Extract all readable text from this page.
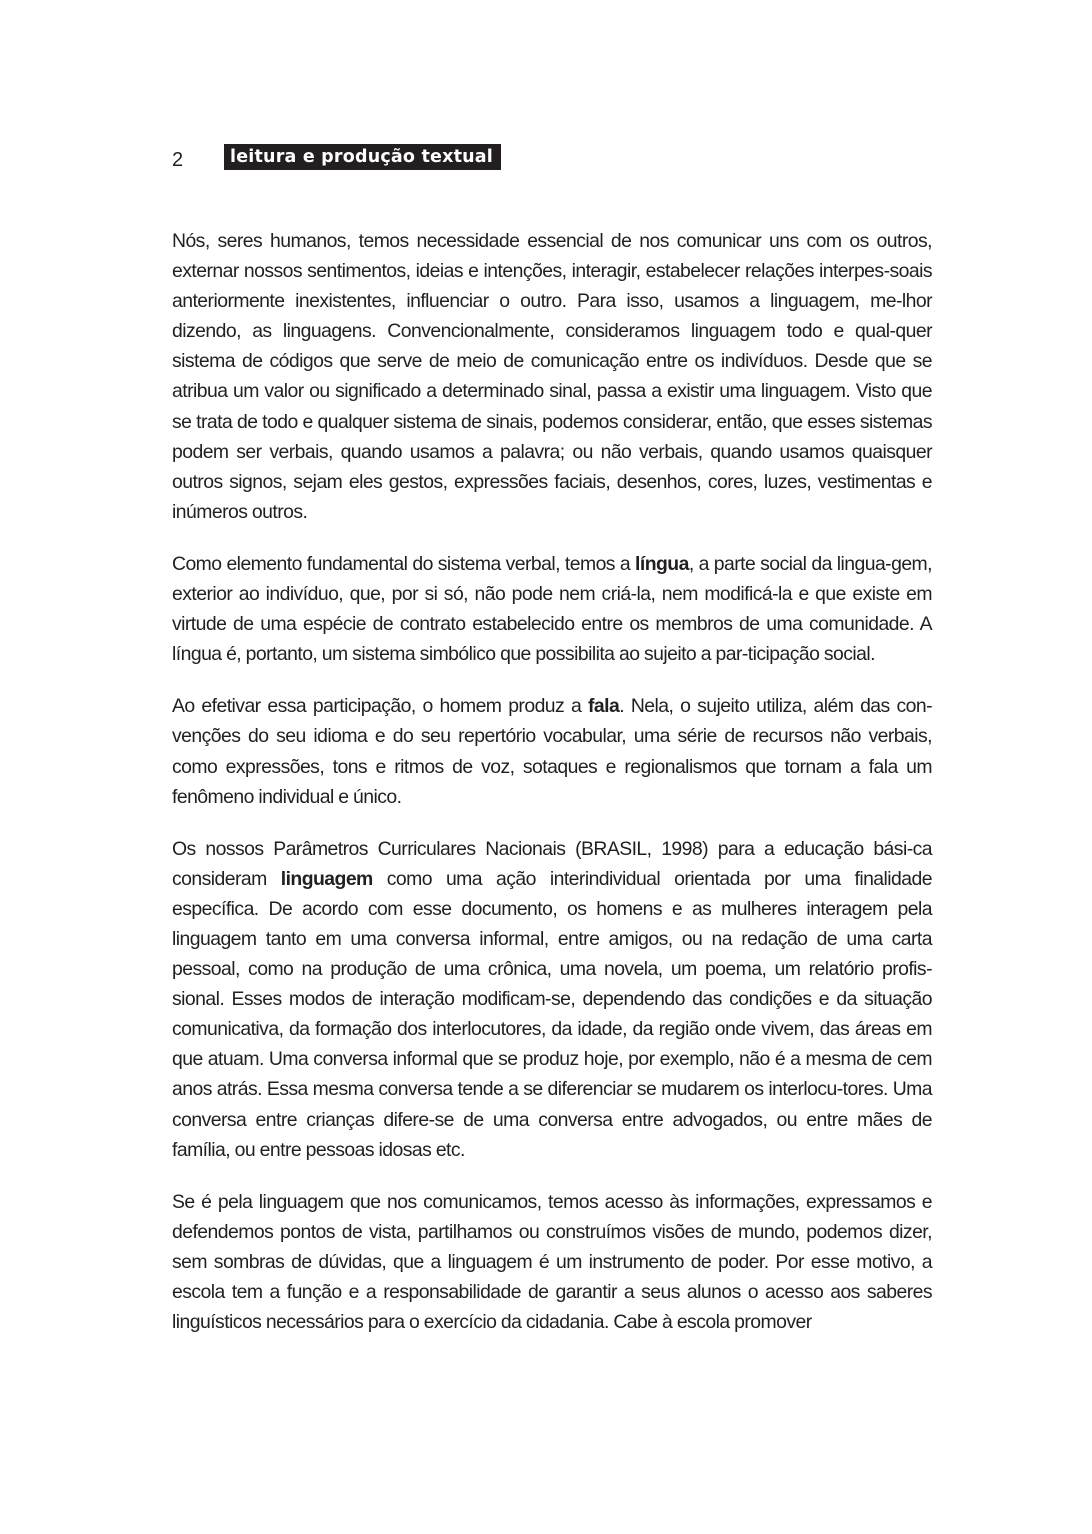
2	leitura e produção textual

Nós, seres humanos, temos necessidade essencial de nos comunicar uns com os outros, externar nossos sentimentos, ideias e intenções, interagir, estabelecer relações interpes-soais anteriormente inexistentes, influenciar o outro. Para isso, usamos a linguagem, me-lhor dizendo, as linguagens. Convencionalmente, consideramos linguagem todo e qual-quer sistema de códigos que serve de meio de comunicação entre os indivíduos. Desde que se atribua um valor ou significado a determinado sinal, passa a existir uma linguagem. Visto que se trata de todo e qualquer sistema de sinais, podemos considerar, então, que esses sistemas podem ser verbais, quando usamos a palavra; ou não verbais, quando usamos quaisquer outros signos, sejam eles gestos, expressões faciais, desenhos, cores, luzes, vestimentas e inúmeros outros.

Como elemento fundamental do sistema verbal, temos a língua, a parte social da lingua-gem, exterior ao indivíduo, que, por si só, não pode nem criá-la, nem modificá-la e que existe em virtude de uma espécie de contrato estabelecido entre os membros de uma comunidade. A língua é, portanto, um sistema simbólico que possibilita ao sujeito a par-ticipação social.

Ao efetivar essa participação, o homem produz a fala. Nela, o sujeito utiliza, além das con-venções do seu idioma e do seu repertório vocabular, uma série de recursos não verbais, como expressões, tons e ritmos de voz, sotaques e regionalismos que tornam a fala um fenômeno individual e único.

Os nossos Parâmetros Curriculares Nacionais (BRASIL, 1998) para a educação bási-ca consideram linguagem como uma ação interindividual orientada por uma finalidade específica. De acordo com esse documento, os homens e as mulheres interagem pela linguagem tanto em uma conversa informal, entre amigos, ou na redação de uma carta pessoal, como na produção de uma crônica, uma novela, um poema, um relatório profis-sional. Esses modos de interação modificam-se, dependendo das condições e da situação comunicativa, da formação dos interlocutores, da idade, da região onde vivem, das áreas em que atuam. Uma conversa informal que se produz hoje, por exemplo, não é a mesma de cem anos atrás. Essa mesma conversa tende a se diferenciar se mudarem os interlocu-tores. Uma conversa entre crianças difere-se de uma conversa entre advogados, ou entre mães de família, ou entre pessoas idosas etc.

Se é pela linguagem que nos comunicamos, temos acesso às informações, expressamos e defendemos pontos de vista, partilhamos ou construímos visões de mundo, podemos dizer, sem sombras de dúvidas, que a linguagem é um instrumento de poder. Por esse motivo, a escola tem a função e a responsabilidade de garantir a seus alunos o acesso aos saberes linguísticos necessários para o exercício da cidadania. Cabe à escola promover
